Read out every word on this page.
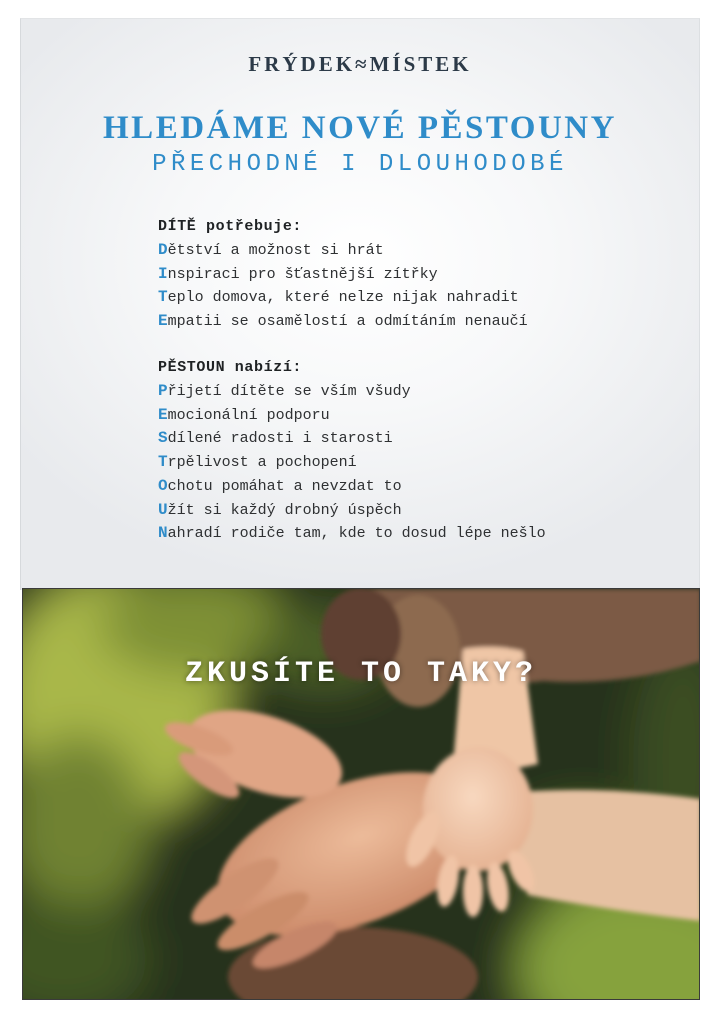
FRÝDEK≈MÍSTEK
HLEDÁME NOVÉ PĚSTOUNY
PŘECHODNÉ I DLOUHODOBÉ
DÍTĚ potřebuje:
Dětství a možnost si hrát
Inspiraci pro šťastnější zítřky
Teplo domova, které nelze nijak nahradit
Empatii se osamělostí a odmítáním nenaučí
PĚSTOUN nabízí:
Přijetí dítěte se vším všudy
Emocionální podporu
Sdílené radosti i starosti
Trpělivost a pochopení
Ochotu pomáhat a nevzdat to
Užít si každý drobný úspěch
Nahradí rodiče tam, kde to dosud lépe nešlo
ZKUSÍTE TO TAKY?
